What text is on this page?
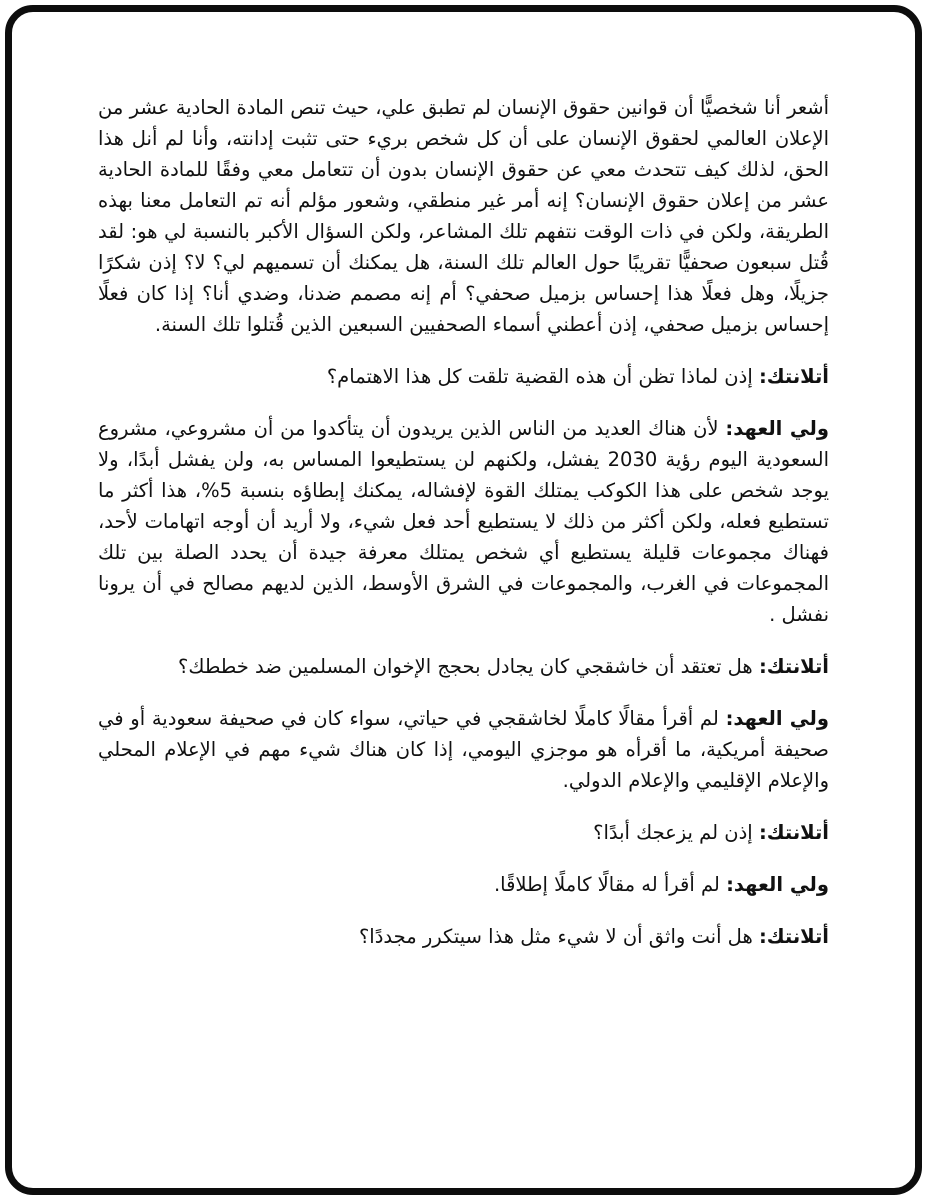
أشعر أنا شخصيًّا أن قوانين حقوق الإنسان لم تطبق علي، حيث تنص المادة الحادية عشر من الإعلان العالمي لحقوق الإنسان على أن كل شخص بريء حتى تثبت إدانته، وأنا لم أنل هذا الحق، لذلك كيف تتحدث معي عن حقوق الإنسان بدون أن تتعامل معي وفقًا للمادة الحادية عشر من إعلان حقوق الإنسان؟ إنه أمر غير منطقي، وشعور مؤلم أنه تم التعامل معنا بهذه الطريقة، ولكن في ذات الوقت نتفهم تلك المشاعر، ولكن السؤال الأكبر بالنسبة لي هو: لقد قُتل سبعون صحفيًّا تقريبًا حول العالم تلك السنة، هل يمكنك أن تسميهم لي؟ لا؟ إذن شكرًا جزيلًا، وهل فعلًا هذا إحساس بزميل صحفي؟ أم إنه مصمم ضدنا، وضدي أنا؟ إذا كان فعلًا إحساس بزميل صحفي، إذن أعطني أسماء الصحفيين السبعين الذين قُتلوا تلك السنة.

أتلانتك: إذن لماذا تظن أن هذه القضية تلقت كل هذا الاهتمام؟

ولي العهد: لأن هناك العديد من الناس الذين يريدون أن يتأكدوا من أن مشروعي، مشروع السعودية اليوم رؤية 2030 يفشل، ولكنهم لن يستطيعوا المساس به، ولن يفشل أبدًا، ولا يوجد شخص على هذا الكوكب يمتلك القوة لإفشاله، يمكنك إبطاؤه بنسبة 5%، هذا أكثر ما تستطيع فعله، ولكن أكثر من ذلك لا يستطيع أحد فعل شيء، ولا أريد أن أوجه اتهامات لأحد، فهناك مجموعات قليلة يستطيع أي شخص يمتلك معرفة جيدة أن يحدد الصلة بين تلك المجموعات في الغرب، والمجموعات في الشرق الأوسط، الذين لديهم مصالح في أن يرونا نفشل .

أتلانتك: هل تعتقد أن خاشقجي كان يجادل بحجج الإخوان المسلمين ضد خططك؟

ولي العهد: لم أقرأ مقالًا كاملًا لخاشقجي في حياتي، سواء كان في صحيفة سعودية أو في صحيفة أمريكية، ما أقرأه هو موجزي اليومي، إذا كان هناك شيء مهم في الإعلام المحلي والإعلام الإقليمي والإعلام الدولي.

أتلانتك: إذن لم يزعجك أبدًا؟

ولي العهد: لم أقرأ له مقالًا كاملًا إطلاقًا.

أتلانتك: هل أنت واثق أن لا شيء مثل هذا سيتكرر مجددًا؟
